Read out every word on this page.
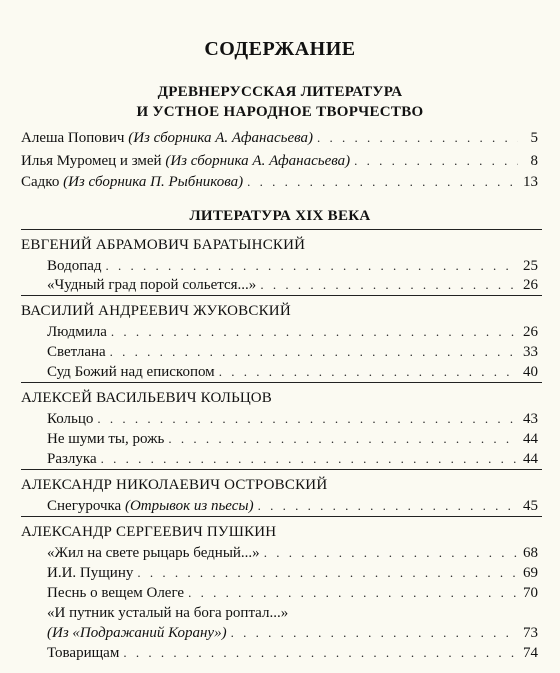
СОДЕРЖАНИЕ
ДРЕВНЕРУССКАЯ ЛИТЕРАТУРА
И УСТНОЕ НАРОДНОЕ ТВОРЧЕСТВО
Алеша Попович (Из сборника А. Афанасьева) . . .	5
Илья Муромец и змей (Из сборника А. Афанасьева) . . .	8
Садко (Из сборника П. Рыбникова) . . .	13
ЛИТЕРАТУРА XIX ВЕКА
ЕВГЕНИЙ АБРАМОВИЧ БАРАТЫНСКИЙ
Водопад . . .	25
«Чудный град порой сольется...» . . .	26
ВАСИЛИЙ АНДРЕЕВИЧ ЖУКОВСКИЙ
Людмила . . .	26
Светлана . . .	33
Суд Божий над епископом . . .	40
АЛЕКСЕЙ ВАСИЛЬЕВИЧ КОЛЬЦОВ
Кольцо . . .	43
Не шуми ты, рожь . . .	44
Разлука . . .	44
АЛЕКСАНДР НИКОЛАЕВИЧ ОСТРОВСКИЙ
Снегурочка (Отрывок из пьесы) . . .	45
АЛЕКСАНДР СЕРГЕЕВИЧ ПУШКИН
«Жил на свете рыцарь бедный...» . . .	68
И.И. Пущину . . .	69
Песнь о вещем Олеге . . .	70
«И путник усталый на бога роптал...»
(Из «Подражаний Корану») . . .	73
Товарищам . . .	74
